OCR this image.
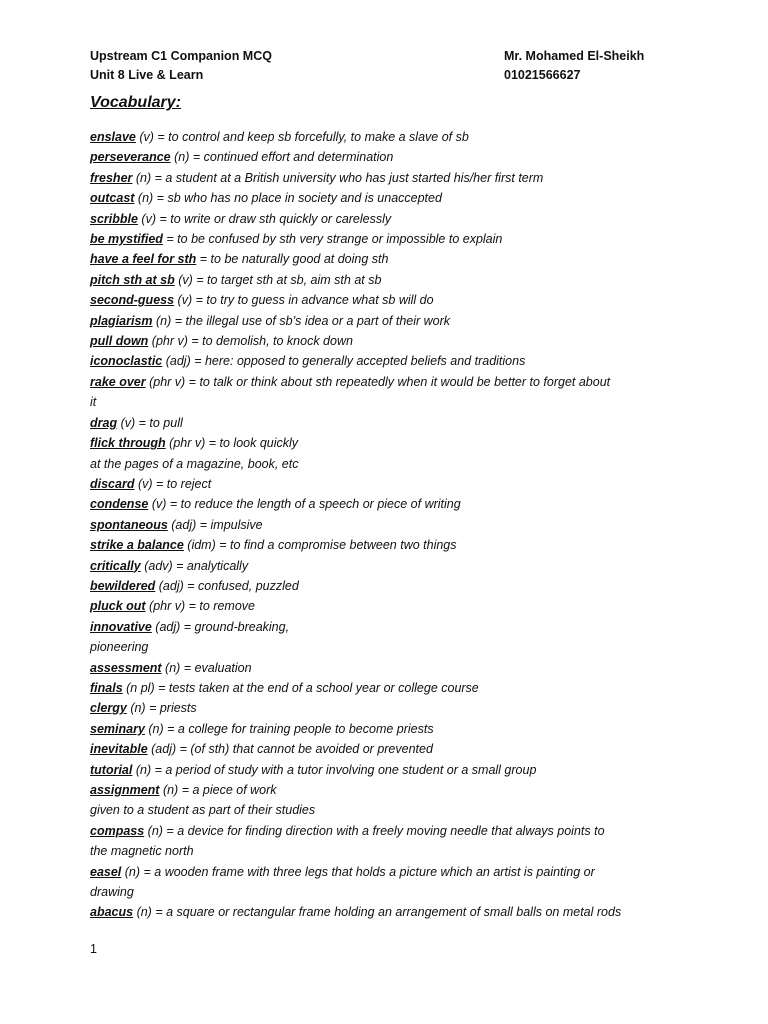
Upstream C1 Companion MCQ	Mr. Mohamed El-Sheikh
Unit 8 Live & Learn	01021566627
Vocabulary:
enslave (v) = to control and keep sb forcefully, to make a slave of sb
perseverance (n) = continued effort and determination
fresher (n) = a student at a British university who has just started his/her first term
outcast (n) = sb who has no place in society and is unaccepted
scribble (v) = to write or draw sth quickly or carelessly
be mystified = to be confused by sth very strange or impossible to explain
have a feel for sth = to be naturally good at doing sth
pitch sth at sb (v) = to target sth at sb, aim sth at sb
second-guess (v) = to try to guess in advance what sb will do
plagiarism (n) = the illegal use of sb’s idea or a part of their work
pull down (phr v) = to demolish, to knock down
iconoclastic (adj) = here: opposed to generally accepted beliefs and traditions
rake over (phr v) = to talk or think about sth repeatedly when it would be better to forget about
it
drag (v) = to pull
flick through (phr v) = to look quickly
at the pages of a magazine, book, etc
discard (v) = to reject
condense (v) = to reduce the length of a speech or piece of writing
spontaneous (adj) = impulsive
strike a balance (idm) = to find a compromise between two things
critically (adv) = analytically
bewildered (adj) = confused, puzzled
pluck out (phr v) = to remove
innovative (adj) = ground-breaking,
pioneering
assessment (n) = evaluation
finals (n pl) = tests taken at the end of a school year or college course
clergy (n) = priests
seminary (n) = a college for training people to become priests
inevitable (adj) = (of sth) that cannot be avoided or prevented
tutorial (n) = a period of study with a tutor involving one student or a small group
assignment (n) = a piece of work
given to a student as part of their studies
compass (n) = a device for finding direction with a freely moving needle that always points to
the magnetic north
easel (n) = a wooden frame with three legs that holds a picture which an artist is painting or
drawing
abacus (n) = a square or rectangular frame holding an arrangement of small balls on metal rods
1
